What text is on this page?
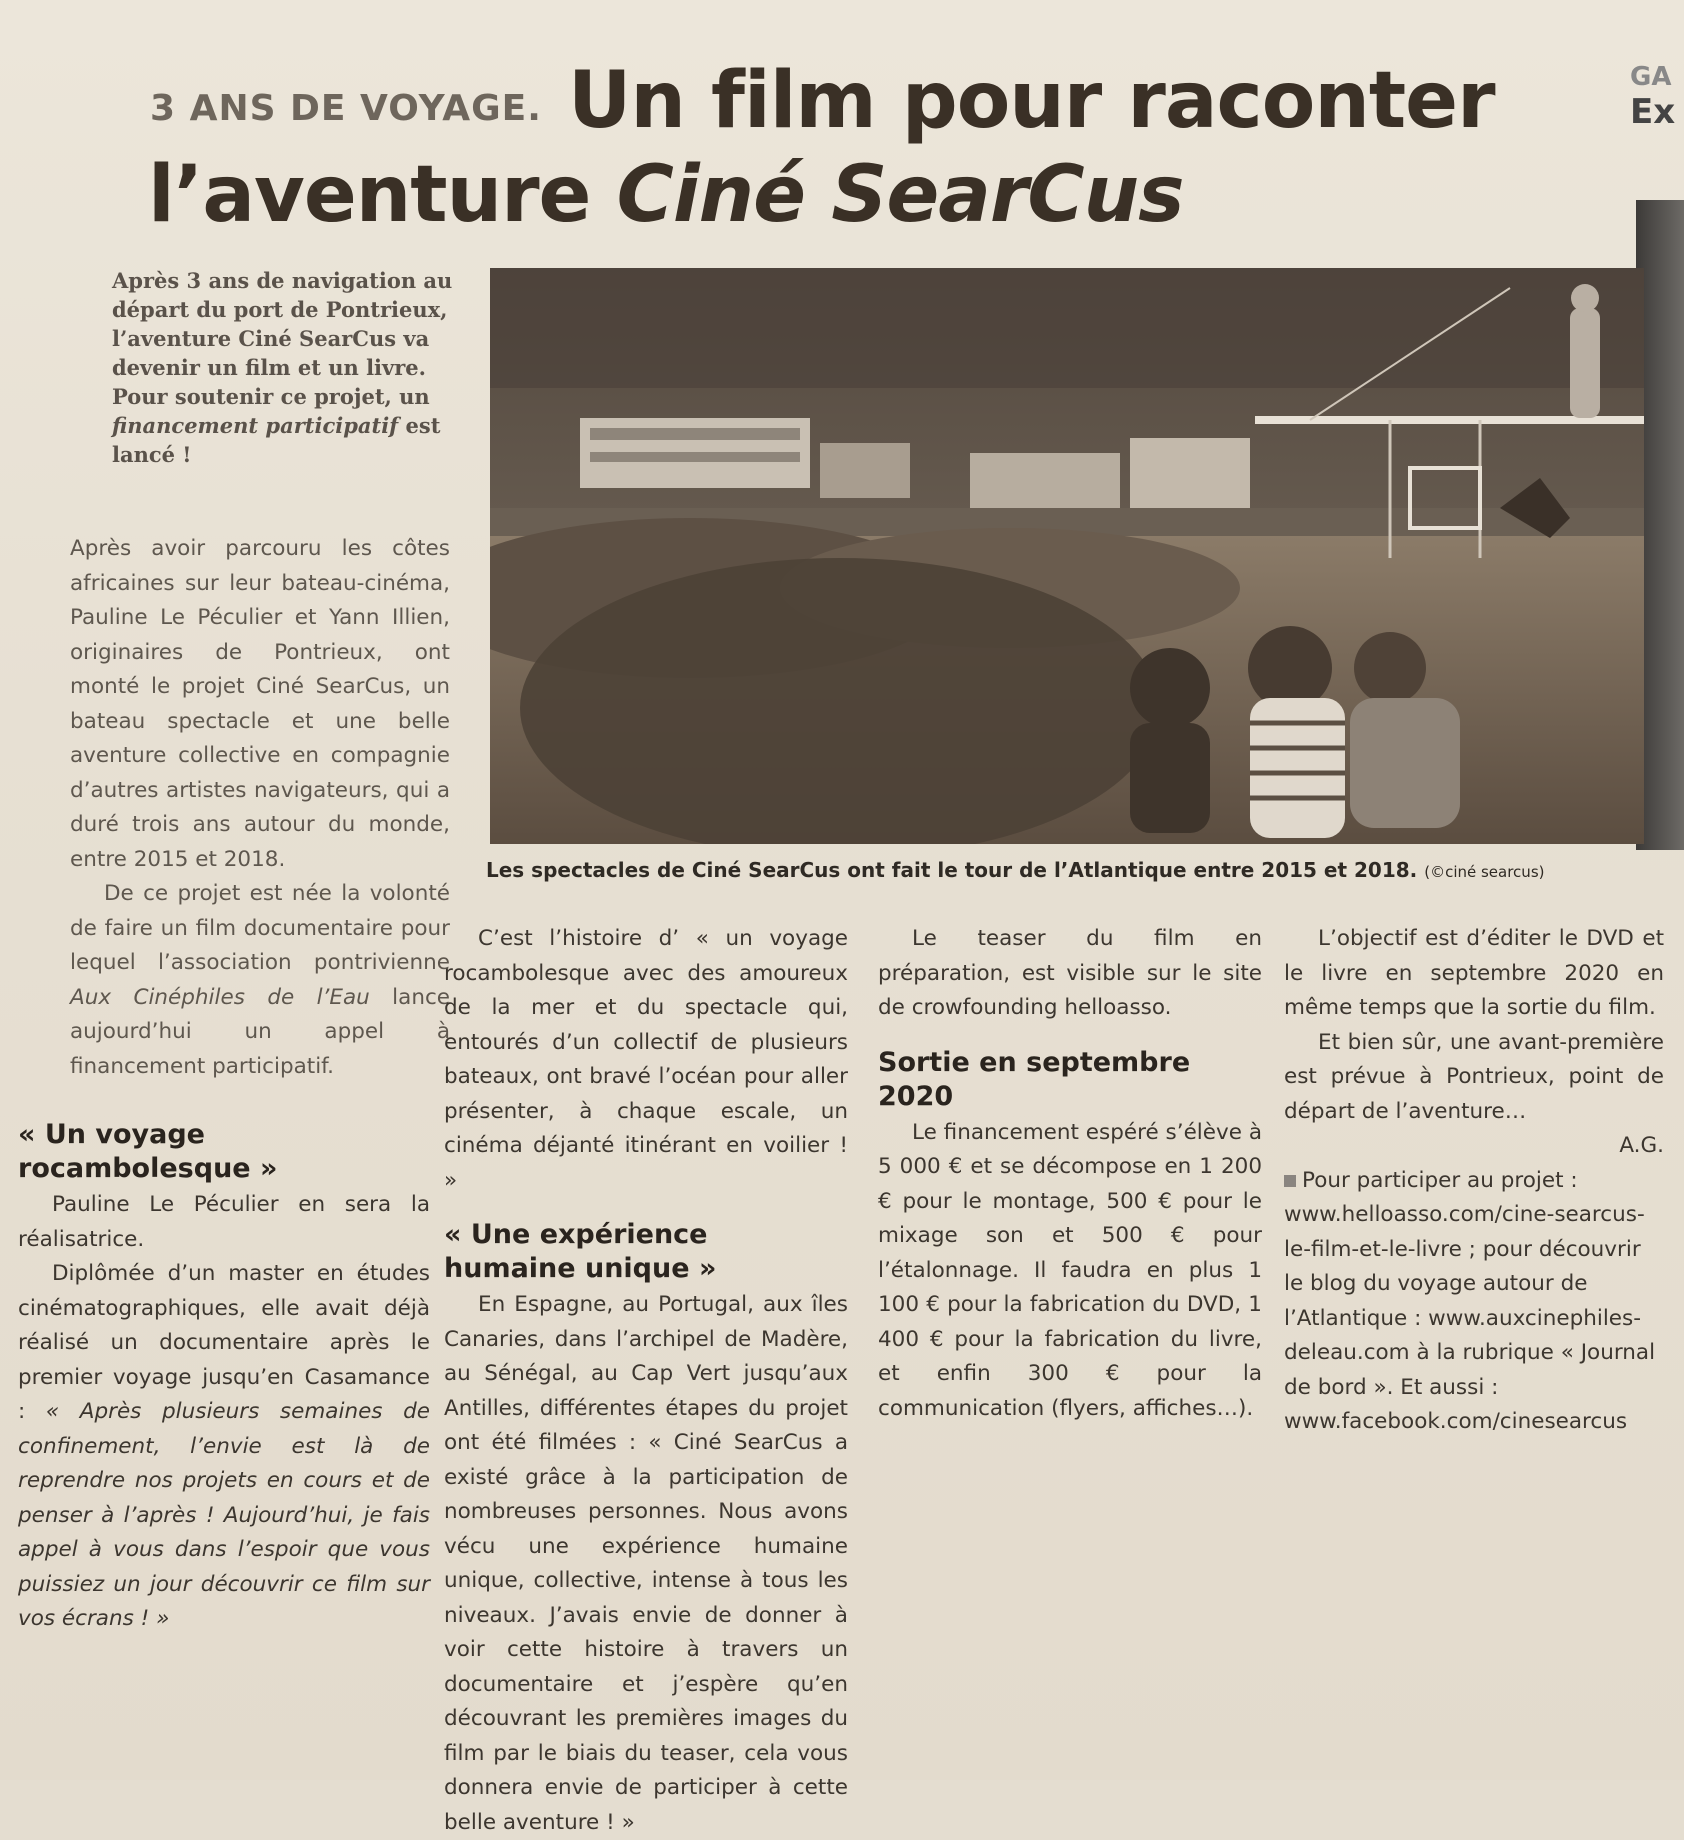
3 ANS DE VOYAGE. Un film pour raconter
l’aventure Ciné SearCus
GA
Ex
Après 3 ans de navigation au départ du port de Pontrieux, l’aventure Ciné SearCus va devenir un film et un livre. Pour soutenir ce projet, un financement participatif est lancé !
Les spectacles de Ciné SearCus ont fait le tour de l’Atlantique entre 2015 et 2018. (©ciné searcus)

Après avoir parcouru les côtes africaines sur leur bateau-cinéma, Pauline Le Péculier et Yann Illien, originaires de Pontrieux, ont monté le projet Ciné SearCus, un bateau spectacle et une belle aventure collective en compagnie d’autres artistes navigateurs, qui a duré trois ans autour du monde, entre 2015 et 2018.

De ce projet est née la volonté de faire un film documentaire pour lequel l’association pontrivienne Aux Cinéphiles de l’Eau lance aujourd’hui un appel à financement participatif.

« Un voyage rocambolesque »

Pauline Le Péculier en sera la réalisatrice.

Diplômée d’un master en études cinématographiques, elle avait déjà réalisé un documentaire après le premier voyage jusqu’en Casamance : « Après plusieurs semaines de confinement, l’envie est là de reprendre nos projets en cours et de penser à l’après ! Aujourd’hui, je fais appel à vous dans l’espoir que vous puissiez un jour découvrir ce film sur vos écrans ! »

C’est l’histoire d’ « un voyage rocambolesque avec des amoureux de la mer et du spectacle qui, entourés d’un collectif de plusieurs bateaux, ont bravé l’océan pour aller présenter, à chaque escale, un cinéma déjanté itinérant en voilier ! »

« Une expérience humaine unique »

En Espagne, au Portugal, aux îles Canaries, dans l’archipel de Madère, au Sénégal, au Cap Vert jusqu’aux Antilles, différentes étapes du projet ont été filmées : « Ciné SearCus a existé grâce à la participation de nombreuses personnes. Nous avons vécu une expérience humaine unique, collective, intense à tous les niveaux. J’avais envie de donner à voir cette histoire à travers un documentaire et j’espère qu’en découvrant les premières images du film par le biais du teaser, cela vous donnera envie de participer à cette belle aventure ! »

Le teaser du film en préparation, est visible sur le site de crowfounding helloasso.

Sortie en septembre 2020

Le financement espéré s’élève à 5 000 € et se décompose en 1 200 € pour le montage, 500 € pour le mixage son et 500 € pour l’étalonnage. Il faudra en plus 1 100 € pour la fabrication du DVD, 1 400 € pour la fabrication du livre, et enfin 300 € pour la communication (flyers, affiches…).

L’objectif est d’éditer le DVD et le livre en septembre 2020 en même temps que la sortie du film.

Et bien sûr, une avant-première est prévue à Pontrieux, point de départ de l’aventure…

A.G.

Pour participer au projet : www.helloasso.com/cine-searcus-le-film-et-le-livre ; pour découvrir le blog du voyage autour de l’Atlantique : www.auxcinephiles-deleau.com à la rubrique « Journal de bord ». Et aussi : www.facebook.com/cinesearcus
